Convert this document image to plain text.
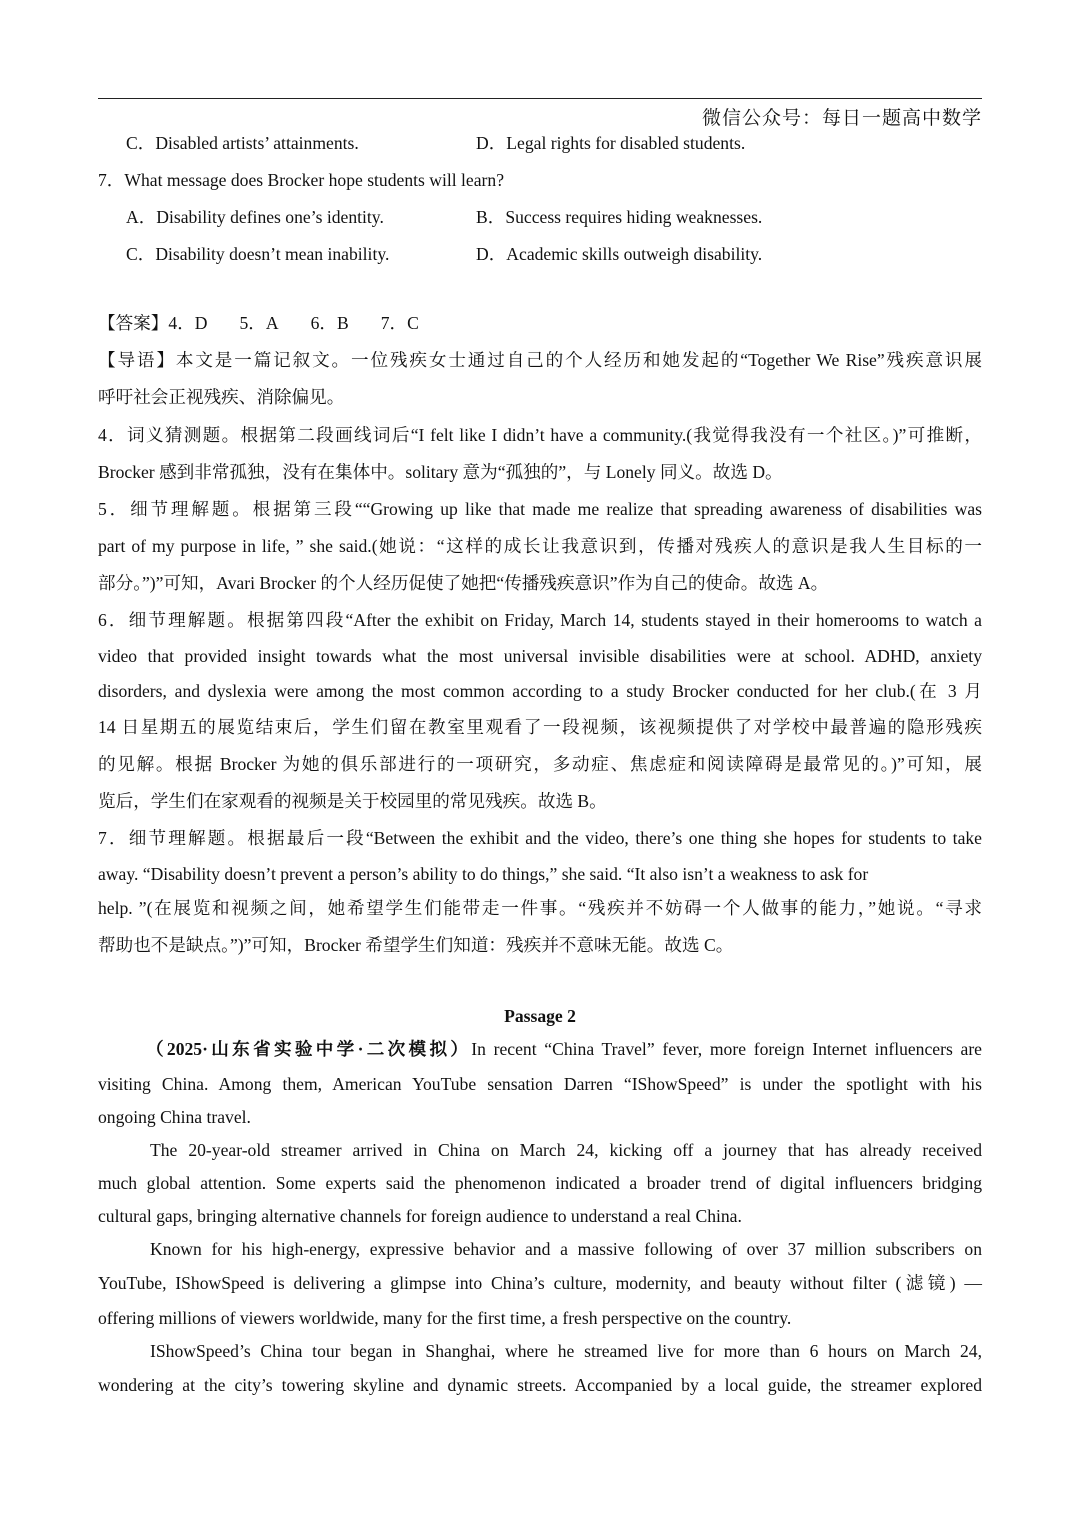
微信公众号：每日一题高中数学
C．Disabled artists’ attainments.	D．Legal rights for disabled students.
7．What message does Brocker hope students will learn?
A．Disability defines one’s identity.	B．Success requires hiding weaknesses.
C．Disability doesn’t mean inability.	D．Academic skills outweigh disability.
【答案】4．D 5．A 6．B 7．C
【导语】本文是一篇记叙文。一位残疾女士通过自己的个人经历和她发起的“Together We Rise”残疾意识展
呼吁社会正视残疾、消除偏见。
4．词义猜测题。根据第二段画线词后“I felt like I didn’t have a community.(我觉得我没有一个社区。)”可推断，
Brocker 感到非常孤独，没有在集体中。solitary 意为“孤独的”，与 Lonely 同义。故选 D。
5．细节理解题。根据第三段““Growing up like that made me realize that spreading awareness of disabilities was
part of my purpose in life, ” she said.(她说：“这样的成长让我意识到，传播对残疾人的意识是我人生目标的一
部分。”)”可知，Avari Brocker 的个人经历促使了她把“传播残疾意识”作为自己的使命。故选 A。
6．细节理解题。根据第四段“After the exhibit on Friday, March 14, students stayed in their homerooms to watch a
video that provided insight towards what the most universal invisible disabilities were at school. ADHD, anxiety
disorders, and dyslexia were among the most common according to a study Brocker conducted for her club.(在 3 月
14 日星期五的展览结束后，学生们留在教室里观看了一段视频，该视频提供了对学校中最普遍的隐形残疾
的见解。根据 Brocker 为她的俱乐部进行的一项研究，多动症、焦虑症和阅读障碍是最常见的。)”可知，展
览后，学生们在家观看的视频是关于校园里的常见残疾。故选 B。
7．细节理解题。根据最后一段“Between the exhibit and the video, there’s one thing she hopes for students to take
away. “Disability doesn’t prevent a person’s ability to do things,” she said. “It also isn’t a weakness to ask for
help. ”(在展览和视频之间，她希望学生们能带走一件事。“残疾并不妨碍一个人做事的能力，”她说。“寻求
帮助也不是缺点。”)”可知，Brocker 希望学生们知道：残疾并不意味无能。故选 C。
Passage 2
（2025·山东省实验中学·二次模拟）In recent “China Travel” fever, more foreign Internet influencers are
visiting China. Among them, American YouTube sensation Darren “IShowSpeed” is under the spotlight with his
ongoing China travel.
The 20-year-old streamer arrived in China on March 24, kicking off a journey that has already received
much global attention. Some experts said the phenomenon indicated a broader trend of digital influencers bridging
cultural gaps, bringing alternative channels for foreign audience to understand a real China.
Known for his high-energy, expressive behavior and a massive following of over 37 million subscribers on
YouTube, IShowSpeed is delivering a glimpse into China’s culture, modernity, and beauty without filter (滤镜) —
offering millions of viewers worldwide, many for the first time, a fresh perspective on the country.
IShowSpeed’s China tour began in Shanghai, where he streamed live for more than 6 hours on March 24,
wondering at the city’s towering skyline and dynamic streets. Accompanied by a local guide, the streamer explored
